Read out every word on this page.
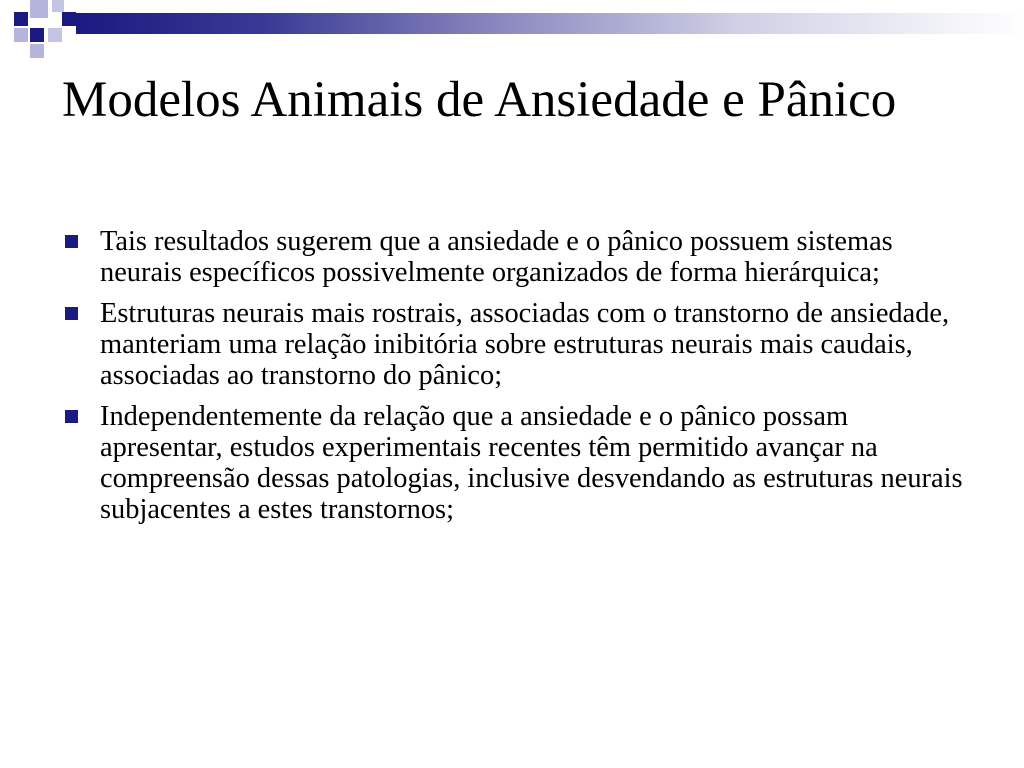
Modelos Animais de Ansiedade e Pânico
Tais resultados sugerem que a ansiedade e o pânico possuem sistemas neurais específicos possivelmente organizados de forma hierárquica;
Estruturas neurais mais rostrais, associadas com o transtorno de ansiedade, manteriam uma relação inibitória sobre estruturas neurais mais caudais, associadas ao transtorno do pânico;
Independentemente da relação que a ansiedade e o pânico possam apresentar, estudos experimentais recentes têm permitido avançar na compreensão dessas patologias, inclusive desvendando as estruturas neurais subjacentes a estes transtornos;
